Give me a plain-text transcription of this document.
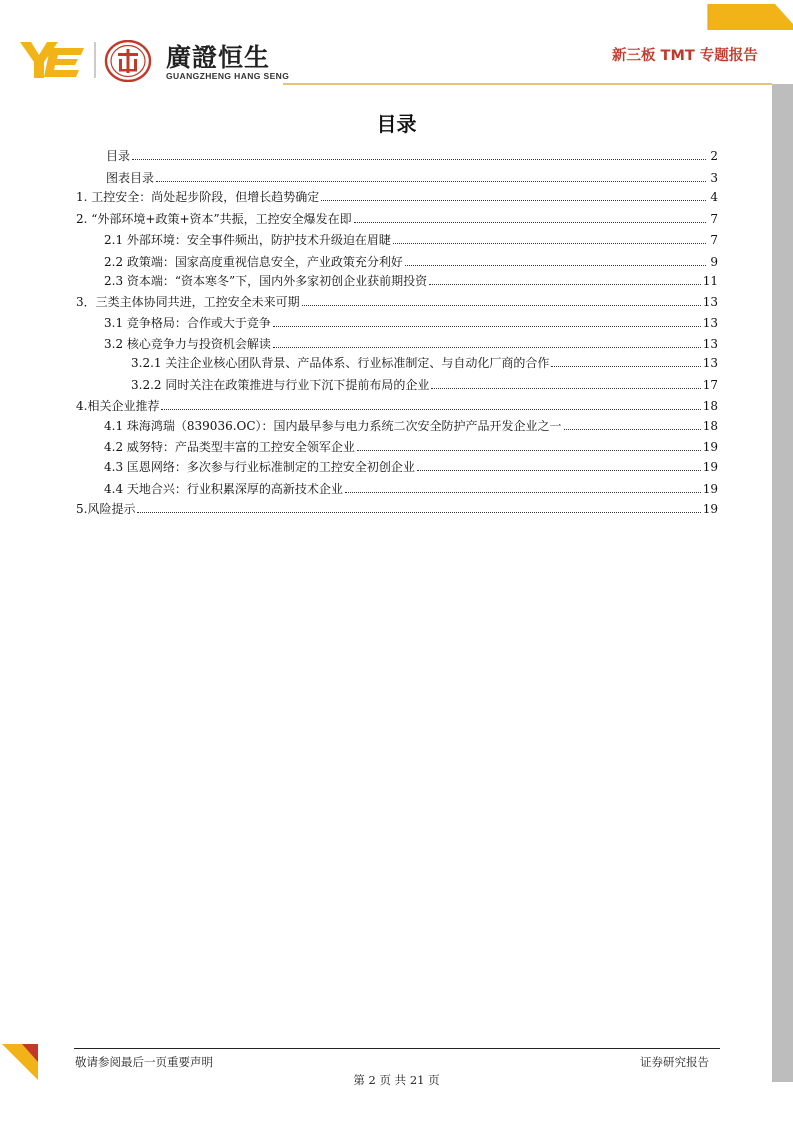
廣證恒生
GUANGZHENG HANG SENG
新三板 TMT 专题报告
目录
目录	2
图表目录	3
1. 工控安全：尚处起步阶段，但增长趋势确定	4
2. “外部环境+政策+资本”共振，工控安全爆发在即	7
2.1 外部环境：安全事件频出，防护技术升级迫在眉睫	7
2.2 政策端：国家高度重视信息安全，产业政策充分利好	9
2.3 资本端：“资本寒冬”下，国内外多家初创企业获前期投资	11
3．三类主体协同共进，工控安全未来可期	13
3.1 竞争格局：合作或大于竞争	13
3.2 核心竞争力与投资机会解读	13
3.2.1 关注企业核心团队背景、产品体系、行业标准制定、与自动化厂商的合作	13
3.2.2 同时关注在政策推进与行业下沉下提前布局的企业	17
4.相关企业推荐	18
4.1 珠海鸿瑞（839036.OC）：国内最早参与电力系统二次安全防护产品开发企业之一	18
4.2 威努特：产品类型丰富的工控安全领军企业	19
4.3 匡恩网络：多次参与行业标准制定的工控安全初创企业	19
4.4 天地合兴：行业积累深厚的高新技术企业	19
5.风险提示	19
敬请参阅最后一页重要声明	证券研究报告
第 2 页 共 21 页
